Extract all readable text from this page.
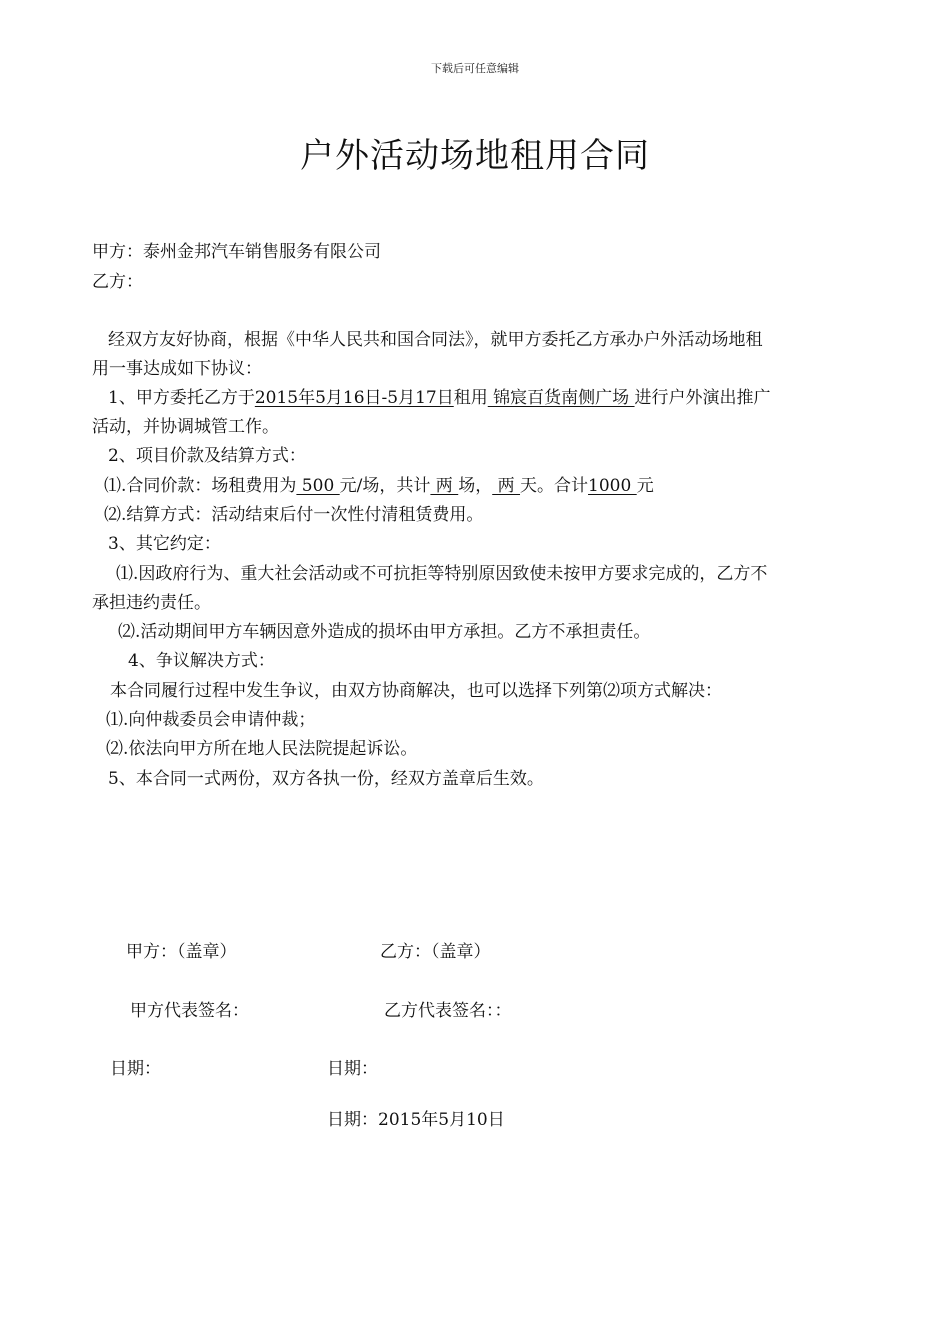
下载后可任意编辑
户外活动场地租用合同
甲方：泰州金邦汽车销售服务有限公司
乙方：
经双方友好协商，根据《中华人民共和国合同法》，就甲方委托乙方承办户外活动场地租
用一事达成如下协议：
1、甲方委托乙方于2015年5月16日-5月17日租用 锦宸百货南侧广场 进行户外演出推广
活动，并协调城管工作。
2、项目价款及结算方式：
⑴.合同价款：场租费用为 500 元/场，共计 两 场， 两 天。合计1000 元
⑵.结算方式：活动结束后付一次性付清租赁费用。
3、其它约定：
⑴.因政府行为、重大社会活动或不可抗拒等特别原因致使未按甲方要求完成的，乙方不
承担违约责任。
⑵.活动期间甲方车辆因意外造成的损坏由甲方承担。乙方不承担责任。
4、争议解决方式：
本合同履行过程中发生争议，由双方协商解决，也可以选择下列第⑵项方式解决：
⑴.向仲裁委员会申请仲裁；
⑵.依法向甲方所在地人民法院提起诉讼。
5、本合同一式两份，双方各执一份，经双方盖章后生效。
甲方：（盖章）	乙方：（盖章）
甲方代表签名：	乙方代表签名：：
日期：	日期：
日期：2015年5月10日
